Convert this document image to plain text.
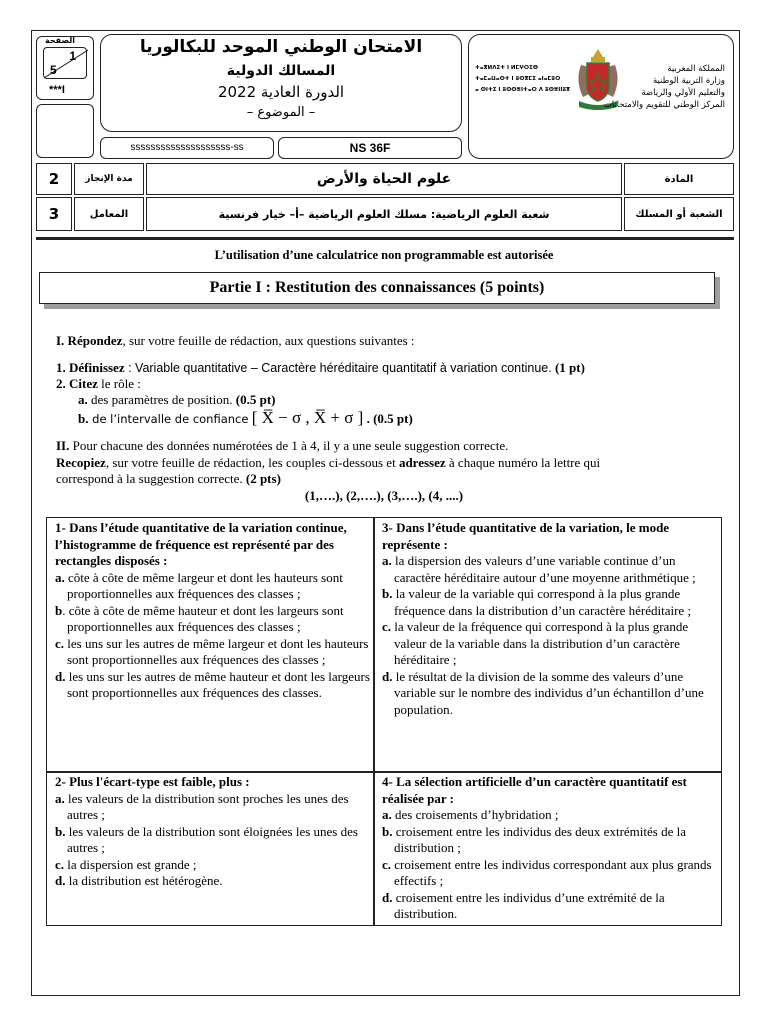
الصفحة
1
5
***I
الامتحان الوطني الموحد للبكالوريا
المسالك الدولية
الدورة العادية 2022
– الموضوع –
ssssssssssssssssssss-ss	NS 36F
ⵜⴰⴳⵍⴷⵉⵜ ⵏ ⵍⵎⵖⵔⵉⴱ
ⵜⴰⵎⴰⵡⴰⵙⵜ ⵏ ⵓⵙⴳⵎⵉ ⴰⵏⴰⵎⵓⵔ
ⴰ ⵙⵏⵜⵉ ⵏ ⵓⵙⵙⴻⵏⵜⴰⵔ ⴷ ⵓⵙⴻⵏⵏⵓⴳ
المملكة المغربية
وزارة التربية الوطنية
والتعليم الأولي والرياضة
المركز الوطني للتقويم والامتحانات
2	مدة الإنجاز	علوم الحياة والأرض	المادة
3	المعامل	شعبة العلوم الرياضية: مسلك العلوم الرياضية –أ– خيار فرنسية	الشعبة أو المسلك
L’utilisation d’une calculatrice non programmable est autorisée
Partie I : Restitution des connaissances (5 points)
I. Répondez, sur votre feuille de rédaction, aux questions suivantes :
1. Définissez : Variable quantitative – Caractère héréditaire quantitatif à variation continue. (1 pt)
2. Citez le rôle :
a. des paramètres de position. (0.5 pt)
b. de l’intervalle de confiance [ X̅ − σ , X̅ + σ ] . (0.5 pt)
II. Pour chacune des données numérotées de 1 à 4, il y a une seule suggestion correcte.
Recopiez, sur votre feuille de rédaction, les couples ci-dessous et adressez à chaque numéro la lettre qui
correspond à la suggestion correcte. (2 pts)
(1,….), (2,….), (3,….), (4, ....)
1- Dans l’étude quantitative de la variation continue, l’histogramme de fréquence est représenté par des rectangles disposés :
a. côte à côte de même largeur et dont les hauteurs sont proportionnelles aux fréquences des classes ;
b. côte à côte de même hauteur et dont les largeurs sont proportionnelles aux fréquences des classes ;
c. les uns sur les autres de même largeur et dont les hauteurs sont proportionnelles aux fréquences des classes ;
d. les uns sur les autres de même hauteur et dont les largeurs sont proportionnelles aux fréquences des classes.
3- Dans l’étude quantitative de la variation, le mode représente :
a. la dispersion des valeurs d’une variable continue d’un caractère héréditaire autour d’une moyenne arithmétique ;
b. la valeur de la variable qui correspond à la plus grande fréquence dans la distribution d’un caractère héréditaire ;
c. la valeur de la fréquence qui correspond à la plus grande valeur de la variable dans la distribution d’un caractère héréditaire ;
d. le résultat de la division de la somme des valeurs d’une variable sur le nombre des individus d’un échantillon d’une population.
2- Plus l'écart-type est faible, plus :
a. les valeurs de la distribution sont proches les unes des autres ;
b. les valeurs de la distribution sont éloignées les unes des autres ;
c. la dispersion est grande ;
d. la distribution est hétérogène.
4- La sélection artificielle d’un caractère quantitatif est réalisée par :
a. des croisements d’hybridation ;
b. croisement entre les individus des deux extrémités de la distribution ;
c. croisement entre les individus correspondant aux plus grands effectifs ;
d. croisement entre les individus d’une extrémité de la distribution.
